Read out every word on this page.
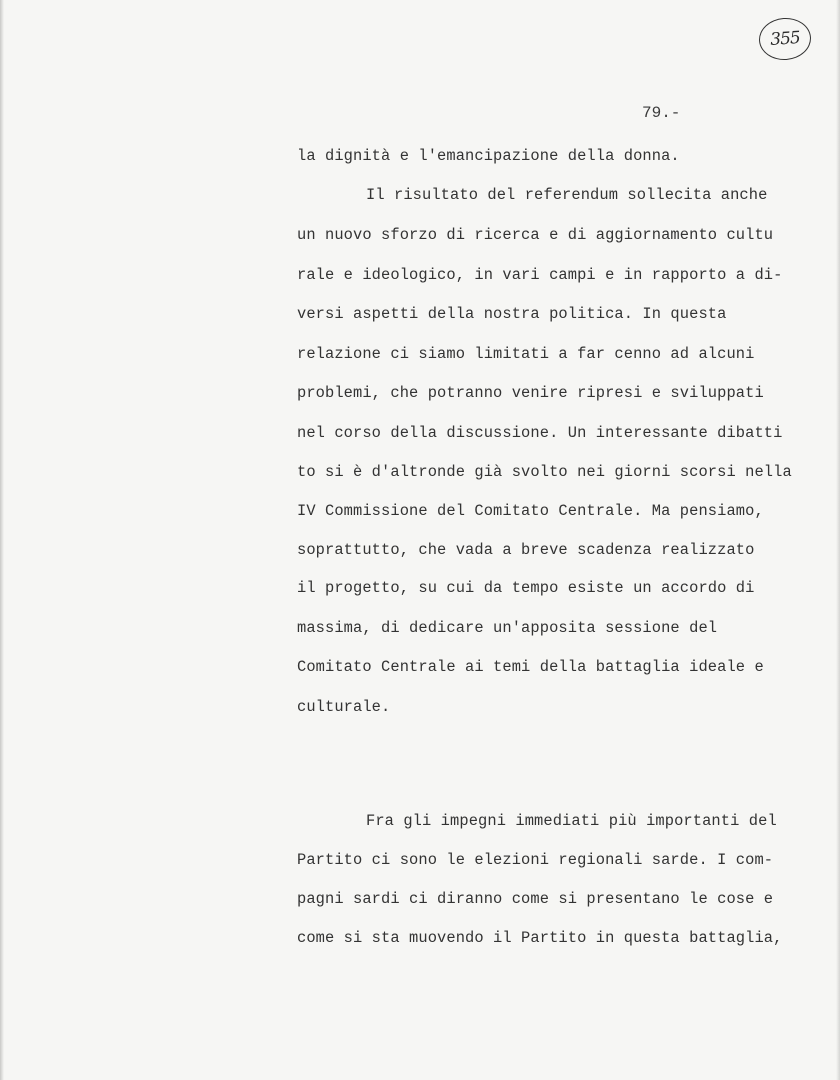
355
79.-
la dignità e l'emancipazione della donna.
Il risultato del referendum sollecita anche
un nuovo sforzo di ricerca e di aggiornamento cultu
rale e ideologico, in vari campi e in rapporto a di-
versi aspetti della nostra politica. In questa
relazione ci siamo limitati a far cenno ad alcuni
problemi, che potranno venire ripresi e sviluppati
nel corso della discussione. Un interessante dibatti
to si è d'altronde già svolto nei giorni scorsi nella
IV Commissione del Comitato Centrale. Ma pensiamo,
soprattutto, che vada a breve scadenza realizzato
il progetto, su cui da tempo esiste un accordo di
massima, di dedicare un'apposita sessione del
Comitato Centrale ai temi della battaglia ideale e
culturale.
Fra gli impegni immediati più importanti del
Partito ci sono le elezioni regionali sarde. I com-
pagni sardi ci diranno come si presentano le cose e
come si sta muovendo il Partito in questa battaglia,
